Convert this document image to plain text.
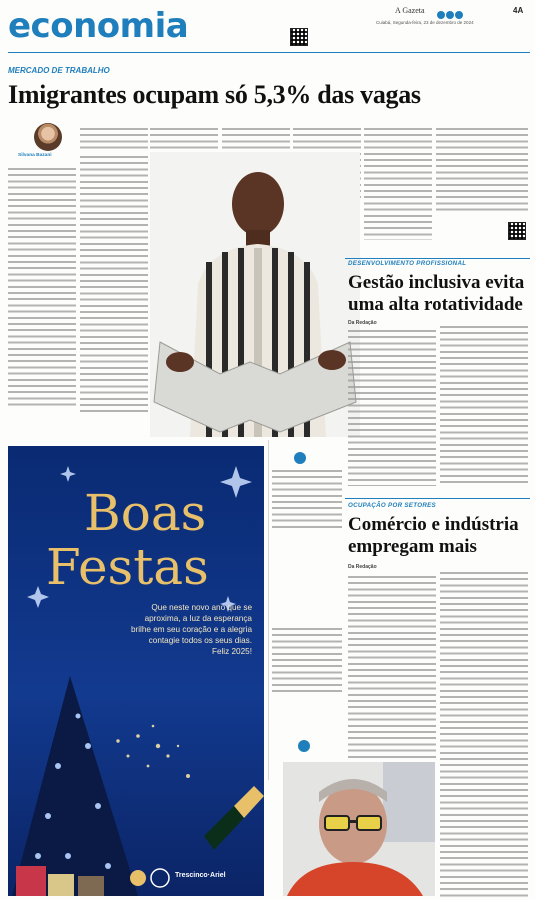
economia	A Gazeta	4A
Cuiabá, Segunda-feira, 23 de dezembro de 2024
MERCADO DE TRABALHO
Imigrantes ocupam só 5,3% das vagas
Silvana Bazani
DESENVOLVIMENTO PROFISSIONAL
Gestão inclusiva evita uma alta rotatividade
Da Redação
Boas
Festas
Que neste novo ano que se
aproxima, a luz da esperança
brilhe em seu coração e a alegria
contagie todos os seus dias.
Feliz 2025!
Trescinco·Ariel
OCUPAÇÃO POR SETORES
Comércio e indústria empregam mais
Da Redação
